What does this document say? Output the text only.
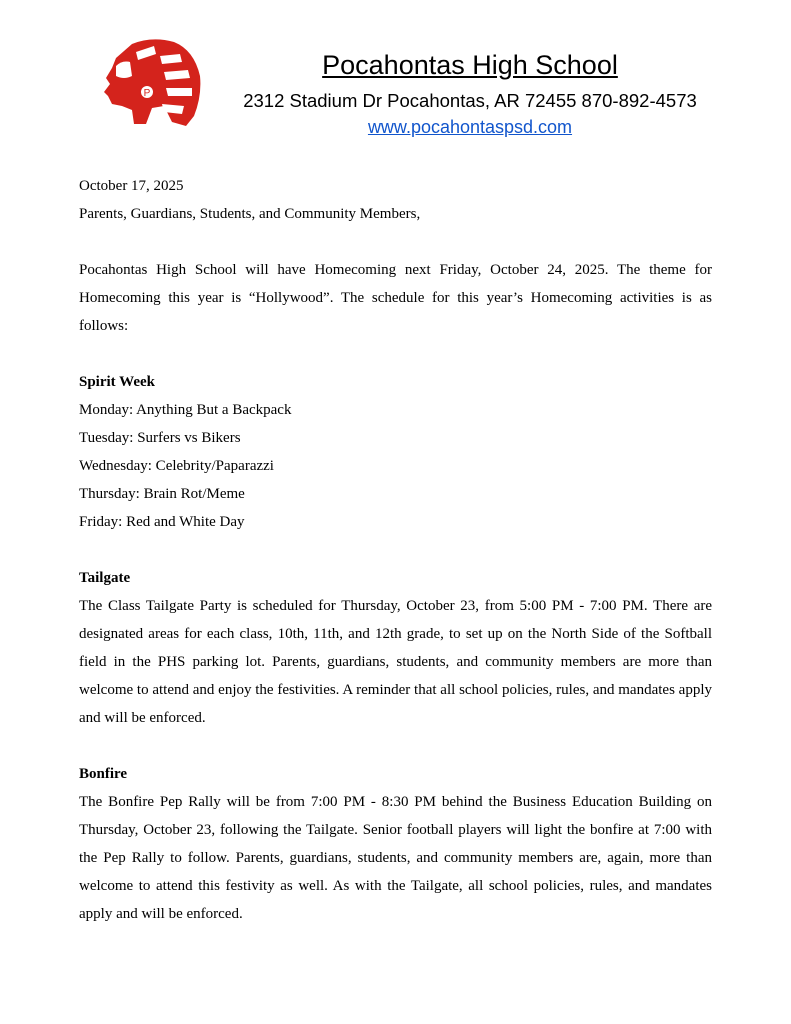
P
Pocahontas High School
2312 Stadium Dr Pocahontas, AR 72455 870-892-4573
www.pocahontaspsd.com

October 17, 2025

Parents, Guardians, Students, and Community Members,

Pocahontas High School will have Homecoming next Friday, October 24, 2025. The theme for Homecoming this year is “Hollywood”. The schedule for this year’s Homecoming activities is as follows:

Spirit Week

Monday: Anything But a Backpack

Tuesday: Surfers vs Bikers

Wednesday: Celebrity/Paparazzi

Thursday: Brain Rot/Meme

Friday: Red and White Day

Tailgate

The Class Tailgate Party is scheduled for Thursday, October 23, from 5:00 PM - 7:00 PM. There are designated areas for each class, 10th, 11th, and 12th grade, to set up on the North Side of the Softball field in the PHS parking lot. Parents, guardians, students, and community members are more than welcome to attend and enjoy the festivities. A reminder that all school policies, rules, and mandates apply and will be enforced.

Bonfire

The Bonfire Pep Rally will be from 7:00 PM - 8:30 PM behind the Business Education Building on Thursday, October 23, following the Tailgate. Senior football players will light the bonfire at 7:00 with the Pep Rally to follow. Parents, guardians, students, and community members are, again, more than welcome to attend this festivity as well. As with the Tailgate, all school policies, rules, and mandates apply and will be enforced.
